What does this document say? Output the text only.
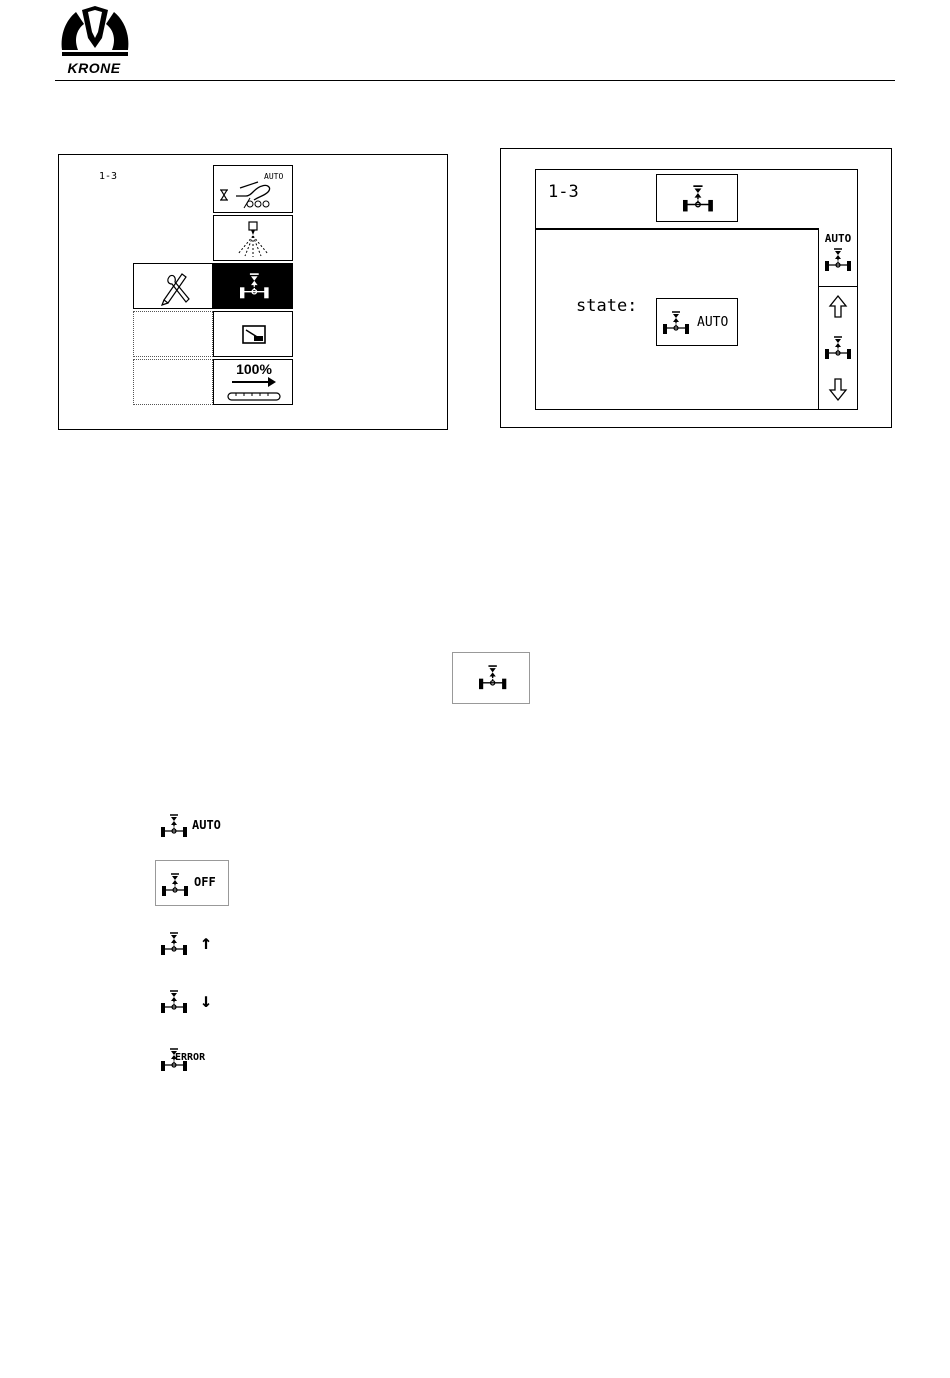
KRONE
1-3	AUTO
100%
1-3
state:
AUTO
AUTO
AUTO
OFF
↑
↓
ERROR
